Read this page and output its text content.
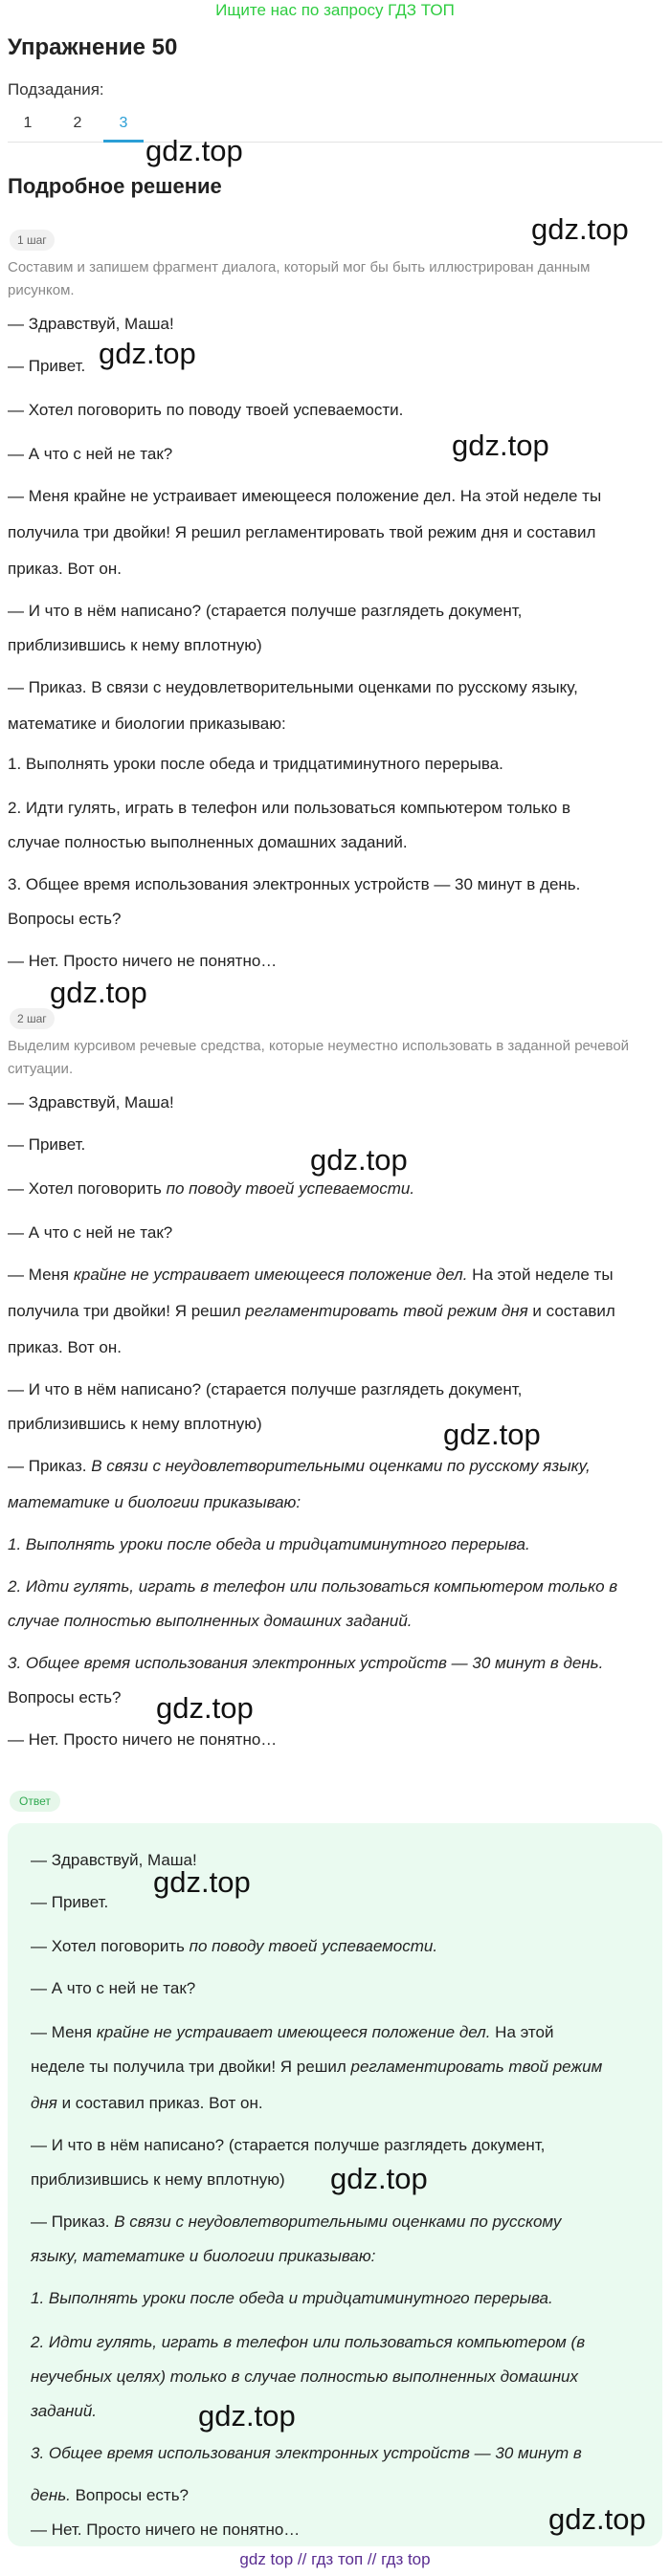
Ищите нас по запросу ГДЗ ТОП
Упражнение 50
Подзадания:
1	2	3
Подробное решение
1 шаг
Составим и запишем фрагмент диалога, который мог бы быть иллюстрирован данным рисунком.
— Здравствуй, Маша!
— Привет.
— Хотел поговорить по поводу твоей успеваемости.
— А что с ней не так?
— Меня крайне не устраивает имеющееся положение дел. На этой неделе ты
получила три двойки! Я решил регламентировать твой режим дня и составил
приказ. Вот он.
— И что в нём написано? (старается получше разглядеть документ,
приблизившись к нему вплотную)
— Приказ. В связи с неудовлетворительными оценками по русскому языку,
математике и биологии приказываю:
1. Выполнять уроки после обеда и тридцатиминутного перерыва.
2. Идти гулять, играть в телефон или пользоваться компьютером только в
случае полностью выполненных домашних заданий.
3. Общее время использования электронных устройств — 30 минут в день.
Вопросы есть?
— Нет. Просто ничего не понятно…
2 шаг
Выделим курсивом речевые средства, которые неуместно использовать в заданной речевой ситуации.
— Здравствуй, Маша!
— Привет.
— Хотел поговорить по поводу твоей успеваемости.
— А что с ней не так?
— Меня крайне не устраивает имеющееся положение дел. На этой неделе ты
получила три двойки! Я решил регламентировать твой режим дня и составил
приказ. Вот он.
— И что в нём написано? (старается получше разглядеть документ,
приблизившись к нему вплотную)
— Приказ. В связи с неудовлетворительными оценками по русскому языку,
математике и биологии приказываю:
1. Выполнять уроки после обеда и тридцатиминутного перерыва.
2. Идти гулять, играть в телефон или пользоваться компьютером только в
случае полностью выполненных домашних заданий.
3. Общее время использования электронных устройств — 30 минут в день.
Вопросы есть?
— Нет. Просто ничего не понятно…
Ответ
— Здравствуй, Маша!
— Привет.
— Хотел поговорить по поводу твоей успеваемости.
— А что с ней не так?
— Меня крайне не устраивает имеющееся положение дел. На этой
неделе ты получила три двойки! Я решил регламентировать твой режим
дня и составил приказ. Вот он.
— И что в нём написано? (старается получше разглядеть документ,
приблизившись к нему вплотную)
— Приказ. В связи с неудовлетворительными оценками по русскому
языку, математике и биологии приказываю:
1. Выполнять уроки после обеда и тридцатиминутного перерыва.
2. Идти гулять, играть в телефон или пользоваться компьютером (в
неучебных целях) только в случае полностью выполненных домашних
заданий.
3. Общее время использования электронных устройств — 30 минут в
день. Вопросы есть?
— Нет. Просто ничего не понятно…
gdz.top
gdz.top
gdz.top
gdz.top
gdz.top
gdz.top
gdz.top
gdz.top
gdz.top
gdz.top
gdz.top
gdz.top
gdz top // гдз топ // гдз top
